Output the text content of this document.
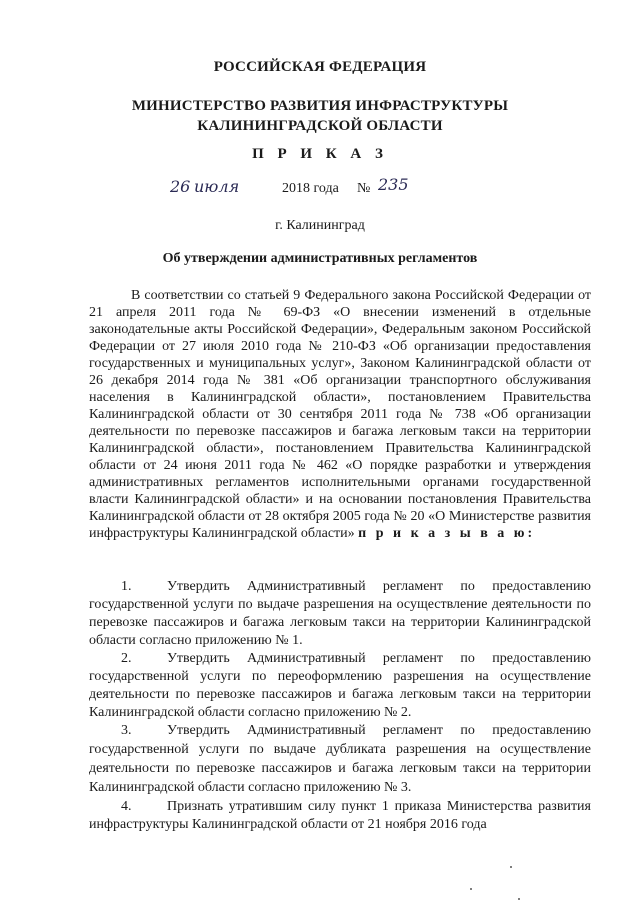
РОССИЙСКАЯ ФЕДЕРАЦИЯ
МИНИСТЕРСТВО РАЗВИТИЯ ИНФРАСТРУКТУРЫ
КАЛИНИНГРАДСКОЙ ОБЛАСТИ
П Р И К А З
26 июля	2018 года № 235
г. Калининград
Об утверждении административных регламентов
В соответствии со статьей 9 Федерального закона Российской Федерации от 21 апреля 2011 года № 69-ФЗ «О внесении изменений в отдельные законодательные акты Российской Федерации», Федеральным законом Российской Федерации от 27 июля 2010 года № 210-ФЗ «Об организации предоставления государственных и муниципальных услуг», Законом Калининградской области от 26 декабря 2014 года № 381 «Об организации транспортного обслуживания населения в Калининградской области», постановлением Правительства Калининградской области от 30 сентября 2011 года № 738 «Об организации деятельности по перевозке пассажиров и багажа легковым такси на территории Калининградской области», постановлением Правительства Калининградской области от 24 июня 2011 года № 462 «О порядке разработки и утверждения административных регламентов исполнительными органами государственной власти Калининградской области» и на основании постановления Правительства Калининградской области от 28 октября 2005 года № 20 «О Министерстве развития инфраструктуры Калининградской области» п р и к а з ы в а ю:
1.	Утвердить Административный регламент по предоставлению государственной услуги по выдаче разрешения на осуществление деятельности по перевозке пассажиров и багажа легковым такси на территории Калининградской области согласно приложению № 1.
2.	Утвердить Административный регламент по предоставлению государственной услуги по переоформлению разрешения на осуществление деятельности по перевозке пассажиров и багажа легковым такси на территории Калининградской области согласно приложению № 2.
3.	Утвердить Административный регламент по предоставлению государственной услуги по выдаче дубликата разрешения на осуществление деятельности по перевозке пассажиров и багажа легковым такси на территории Калининградской области согласно приложению № 3.
4.	Признать утратившим силу пункт 1 приказа Министерства развития инфраструктуры Калининградской области от 21 ноября 2016 года
